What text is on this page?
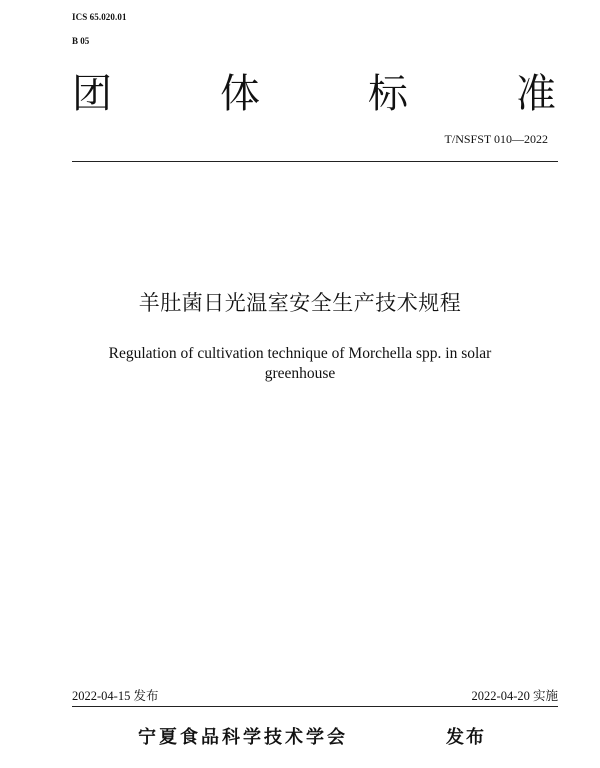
ICS 65.020.01
B 05
团	体	标	准
T/NSFST 010—2022
羊肚菌日光温室安全生产技术规程
Regulation of cultivation technique of Morchella spp. in solar greenhouse
2022-04-15 发布	2022-04-20 实施
宁夏食品科学技术学会	发布
